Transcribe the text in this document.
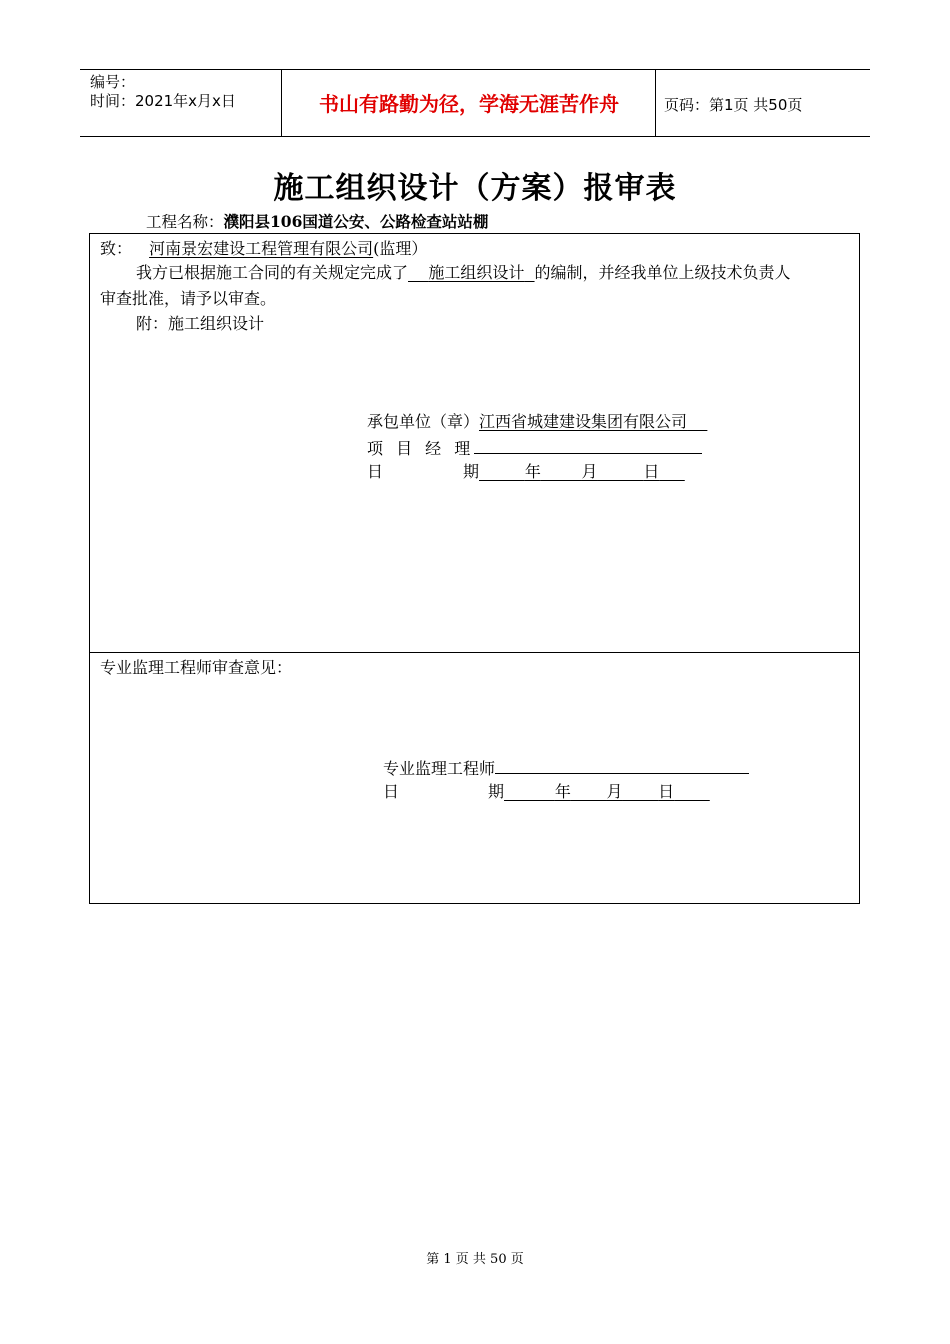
编号：
时间：2021年x月x日	书山有路勤为径，学海无涯苦作舟	页码：第1页 共50页
施工组织设计（方案）报审表
工程名称：濮阳县106国道公安、公路检查站站棚
致： 河南景宏建设工程管理有限公司(监理）
我方已根据施工合同的有关规定完成了 施工组织设计 的编制，并经我单位上级技术负责人
审查批准，请予以审查。
附：施工组织设计
承包单位（章）江西省城建建设集团有限公司
项 目 经 理
日	期	年	月	日
专业监理工程师审查意见：
专业监理工程师
日	期	年 月 日
第 1 页 共 50 页
